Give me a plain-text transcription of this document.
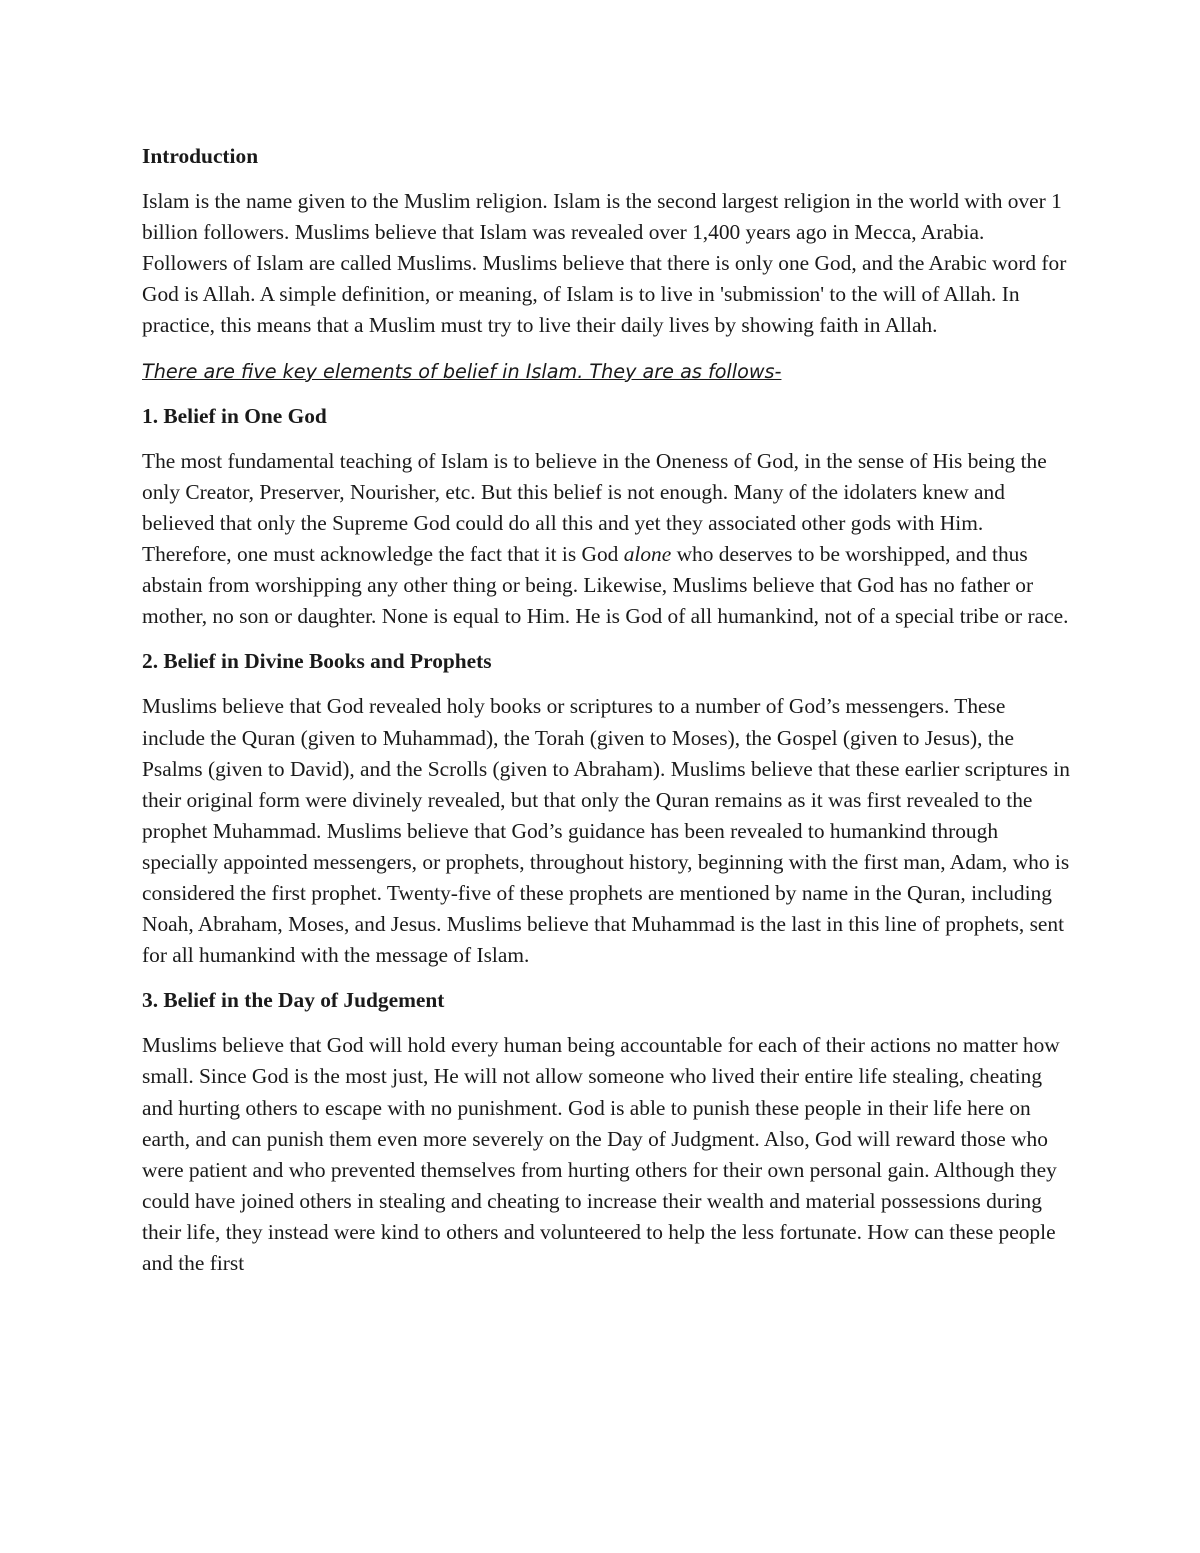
Introduction

Islam is the name given to the Muslim religion. Islam is the second largest religion in the world with over 1 billion followers. Muslims believe that Islam was revealed over 1,400 years ago in Mecca, Arabia. Followers of Islam are called Muslims. Muslims believe that there is only one God, and the Arabic word for God is Allah. A simple definition, or meaning, of Islam is to live in 'submission' to the will of Allah. In practice, this means that a Muslim must try to live their daily lives by showing faith in Allah.

There are five key elements of belief in Islam. They are as follows-

1. Belief in One God

The most fundamental teaching of Islam is to believe in the Oneness of God, in the sense of His being the only Creator, Preserver, Nourisher, etc. But this belief is not enough. Many of the idolaters knew and believed that only the Supreme God could do all this and yet they associated other gods with Him. Therefore, one must acknowledge the fact that it is God alone who deserves to be worshipped, and thus abstain from worshipping any other thing or being. Likewise, Muslims believe that God has no father or mother, no son or daughter. None is equal to Him. He is God of all humankind, not of a special tribe or race.

2. Belief in Divine Books and Prophets

Muslims believe that God revealed holy books or scriptures to a number of God’s messengers. These include the Quran (given to Muhammad), the Torah (given to Moses), the Gospel (given to Jesus), the Psalms (given to David), and the Scrolls (given to Abraham). Muslims believe that these earlier scriptures in their original form were divinely revealed, but that only the Quran remains as it was first revealed to the prophet Muhammad. Muslims believe that God’s guidance has been revealed to humankind through specially appointed messengers, or prophets, throughout history, beginning with the first man, Adam, who is considered the first prophet. Twenty-five of these prophets are mentioned by name in the Quran, including Noah, Abraham, Moses, and Jesus. Muslims believe that Muhammad is the last in this line of prophets, sent for all humankind with the message of Islam.

3. Belief in the Day of Judgement

Muslims believe that God will hold every human being accountable for each of their actions no matter how small. Since God is the most just, He will not allow someone who lived their entire life stealing, cheating and hurting others to escape with no punishment. God is able to punish these people in their life here on earth, and can punish them even more severely on the Day of Judgment. Also, God will reward those who were patient and who prevented themselves from hurting others for their own personal gain. Although they could have joined others in stealing and cheating to increase their wealth and material possessions during their life, they instead were kind to others and volunteered to help the less fortunate. How can these people and the first
